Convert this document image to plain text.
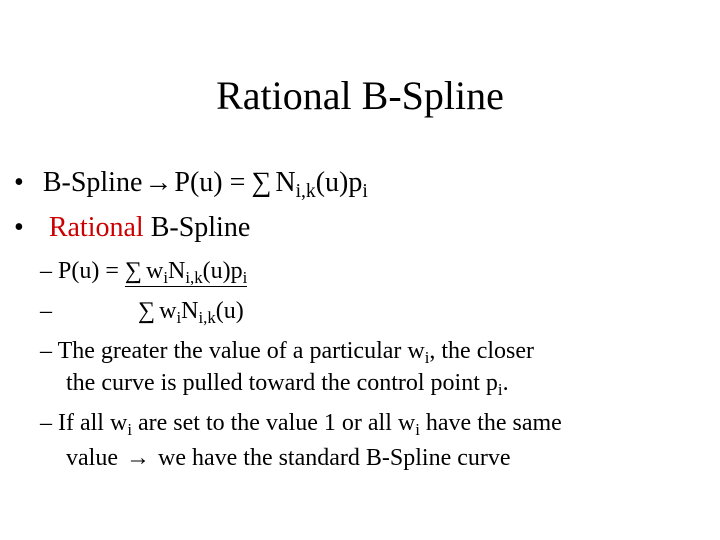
Rational B-Spline
• B-Spline→P(u) = ∑ $N_{i,k}(u)p_i$
• Rational B-Spline
– P(u) = ∑ $w_iN_{i,k}(u)p_i$
–	∑ $w_iN_{i,k}(u)$
– The greater the value of a particular $w_i$, the closer
the curve is pulled toward the control point $p_i$.
– If all $w_i$ are set to the value 1 or all $w_i$ have the same
value → we have the standard B-Spline curve
